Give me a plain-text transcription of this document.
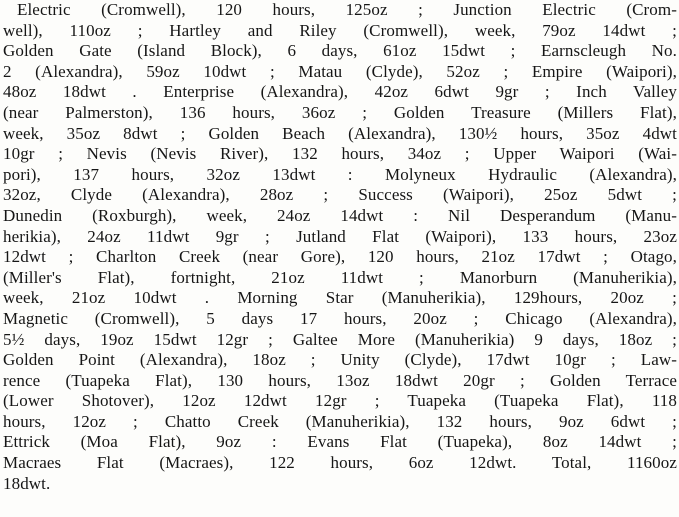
Electric (Cromwell), 120 hours, 125oz ; Junction Electric (Crom-
well), 110oz ; Hartley and Riley (Cromwell), week, 79oz 14dwt ;
Golden Gate (Island Block), 6 days, 61oz 15dwt ; Earnscleugh No.
2 (Alexandra), 59oz 10dwt ; Matau (Clyde), 52oz ; Empire (Waipori),
48oz 18dwt . Enterprise (Alexandra), 42oz 6dwt 9gr ; Inch Valley
(near Palmerston), 136 hours, 36oz ; Golden Treasure (Millers Flat),
week, 35oz 8dwt ; Golden Beach (Alexandra), 130½ hours, 35oz 4dwt
10gr ; Nevis (Nevis River), 132 hours, 34oz ; Upper Waipori (Wai-
pori), 137 hours, 32oz 13dwt : Molyneux Hydraulic (Alexandra),
32oz, Clyde (Alexandra), 28oz ; Success (Waipori), 25oz 5dwt ;
Dunedin (Roxburgh), week, 24oz 14dwt : Nil Desperandum (Manu-
herikia), 24oz 11dwt 9gr ; Jutland Flat (Waipori), 133 hours, 23oz
12dwt ; Charlton Creek (near Gore), 120 hours, 21oz 17dwt ; Otago,
(Miller's Flat), fortnight, 21oz 11dwt ; Manorburn (Manuherikia),
week, 21oz 10dwt . Morning Star (Manuherikia), 129hours, 20oz ;
Magnetic (Cromwell), 5 days 17 hours, 20oz ; Chicago (Alexandra),
5½ days, 19oz 15dwt 12gr ; Galtee More (Manuherikia) 9 days, 18oz ;
Golden Point (Alexandra), 18oz ; Unity (Clyde), 17dwt 10gr ; Law-
rence (Tuapeka Flat), 130 hours, 13oz 18dwt 20gr ; Golden Terrace
(Lower Shotover), 12oz 12dwt 12gr ; Tuapeka (Tuapeka Flat), 118
hours, 12oz ; Chatto Creek (Manuherikia), 132 hours, 9oz 6dwt ;
Ettrick (Moa Flat), 9oz : Evans Flat (Tuapeka), 8oz 14dwt ;
Macraes Flat (Macraes), 122 hours, 6oz 12dwt. Total, 1160oz
18dwt.
